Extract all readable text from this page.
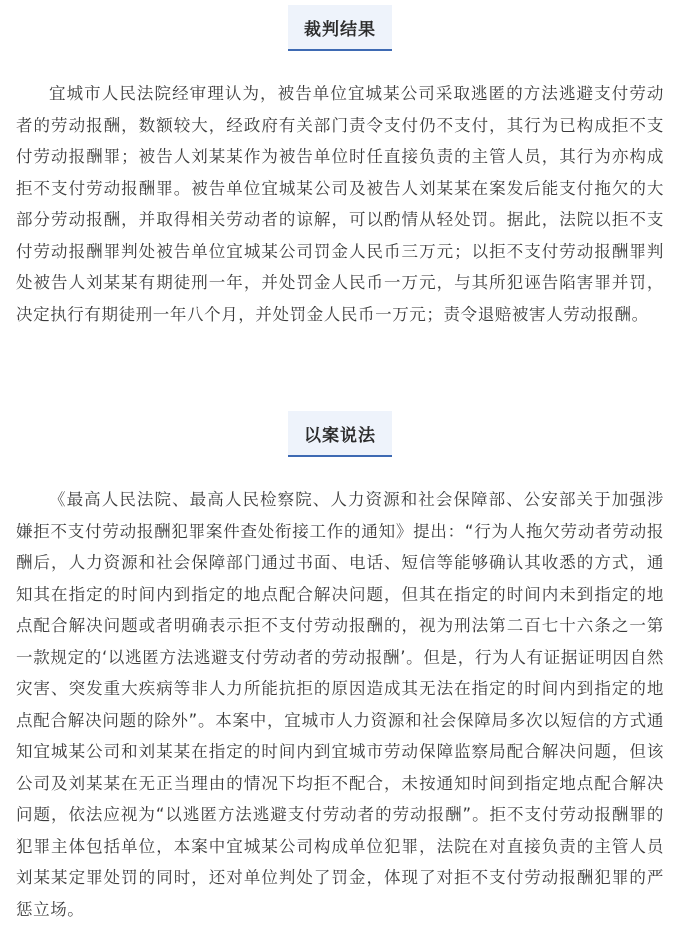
裁判结果

宜城市人民法院经审理认为，被告单位宜城某公司采取逃匿的方法逃避支付劳动者的劳动报酬，数额较大，经政府有关部门责令支付仍不支付，其行为已构成拒不支付劳动报酬罪；被告人刘某某作为被告单位时任直接负责的主管人员，其行为亦构成拒不支付劳动报酬罪。被告单位宜城某公司及被告人刘某某在案发后能支付拖欠的大部分劳动报酬，并取得相关劳动者的谅解，可以酌情从轻处罚。据此，法院以拒不支付劳动报酬罪判处被告单位宜城某公司罚金人民币三万元；以拒不支付劳动报酬罪判处被告人刘某某有期徒刑一年，并处罚金人民币一万元，与其所犯诬告陷害罪并罚，决定执行有期徒刑一年八个月，并处罚金人民币一万元；责令退赔被害人劳动报酬。

以案说法

《最高人民法院、最高人民检察院、人力资源和社会保障部、公安部关于加强涉嫌拒不支付劳动报酬犯罪案件查处衔接工作的通知》提出：“行为人拖欠劳动者劳动报酬后，人力资源和社会保障部门通过书面、电话、短信等能够确认其收悉的方式，通知其在指定的时间内到指定的地点配合解决问题，但其在指定的时间内未到指定的地点配合解决问题或者明确表示拒不支付劳动报酬的，视为刑法第二百七十六条之一第一款规定的‘以逃匿方法逃避支付劳动者的劳动报酬’。但是，行为人有证据证明因自然灾害、突发重大疾病等非人力所能抗拒的原因造成其无法在指定的时间内到指定的地点配合解决问题的除外”。本案中，宜城市人力资源和社会保障局多次以短信的方式通知宜城某公司和刘某某在指定的时间内到宜城市劳动保障监察局配合解决问题，但该公司及刘某某在无正当理由的情况下均拒不配合，未按通知时间到指定地点配合解决问题，依法应视为“以逃匿方法逃避支付劳动者的劳动报酬”。拒不支付劳动报酬罪的犯罪主体包括单位，本案中宜城某公司构成单位犯罪，法院在对直接负责的主管人员刘某某定罪处罚的同时，还对单位判处了罚金，体现了对拒不支付劳动报酬犯罪的严惩立场。
